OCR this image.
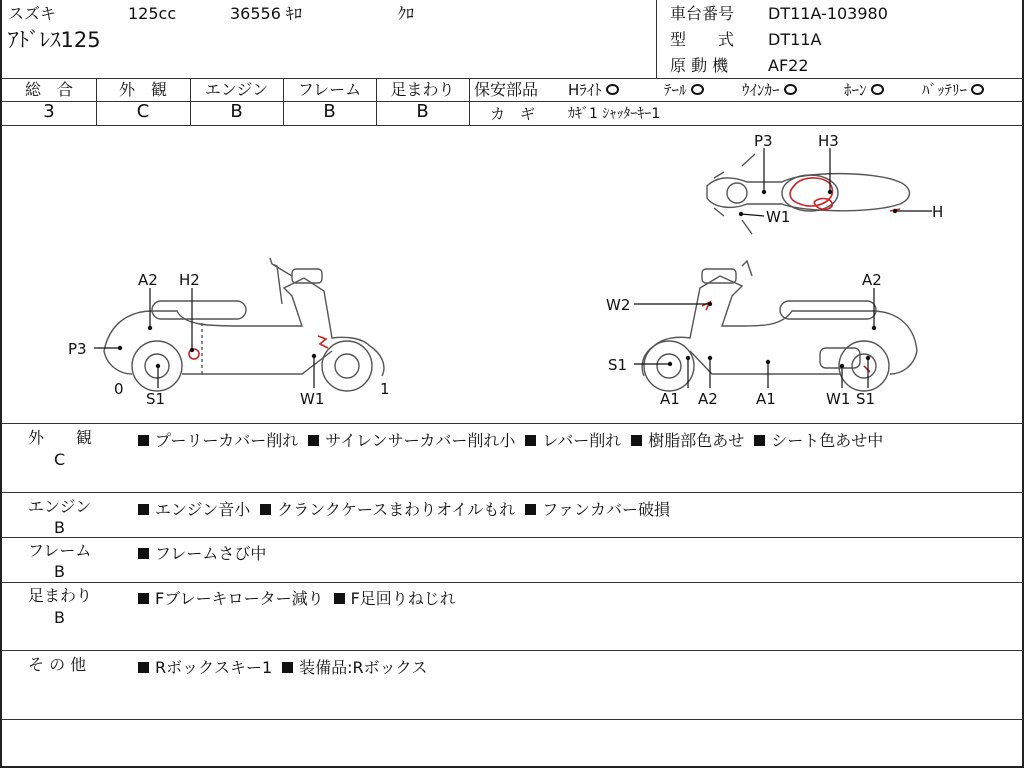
スズキ	125cc	36556 ｷﾛ	ｸﾛ
ｱﾄﾞﾚｽ125
車台番号 DT11A-103980
型　　式 DT11A
原 動 機 AF22
総　合	外　観	エンジン	フレーム	足まわり
3	C	B	B	B
保安部品 Hﾗｲﾄ	ﾃｰﾙ	ｳｲﾝｶｰ	ﾎｰﾝ	ﾊﾞｯﾃﾘｰ
カ　ギ ｶｷﾞ1 ｼｬｯﾀｰｷｰ1
P3	H3
W1	H
A2 H2
P3
0
S1	W1
1
A2
W2
S1
A1 A2	A1	W1 S1
外　　観
C
プーリーカバー削れ サイレンサーカバー削れ小 レバー削れ 樹脂部色あせ シート色あせ中
エンジン
B
エンジン音小 クランクケースまわりオイルもれ ファンカバー破損
フレーム
B
フレームさび中
足まわり
B
Fブレーキローター減り F足回りねじれ
そ の 他	Rボックスキー1 装備品:Rボックス
